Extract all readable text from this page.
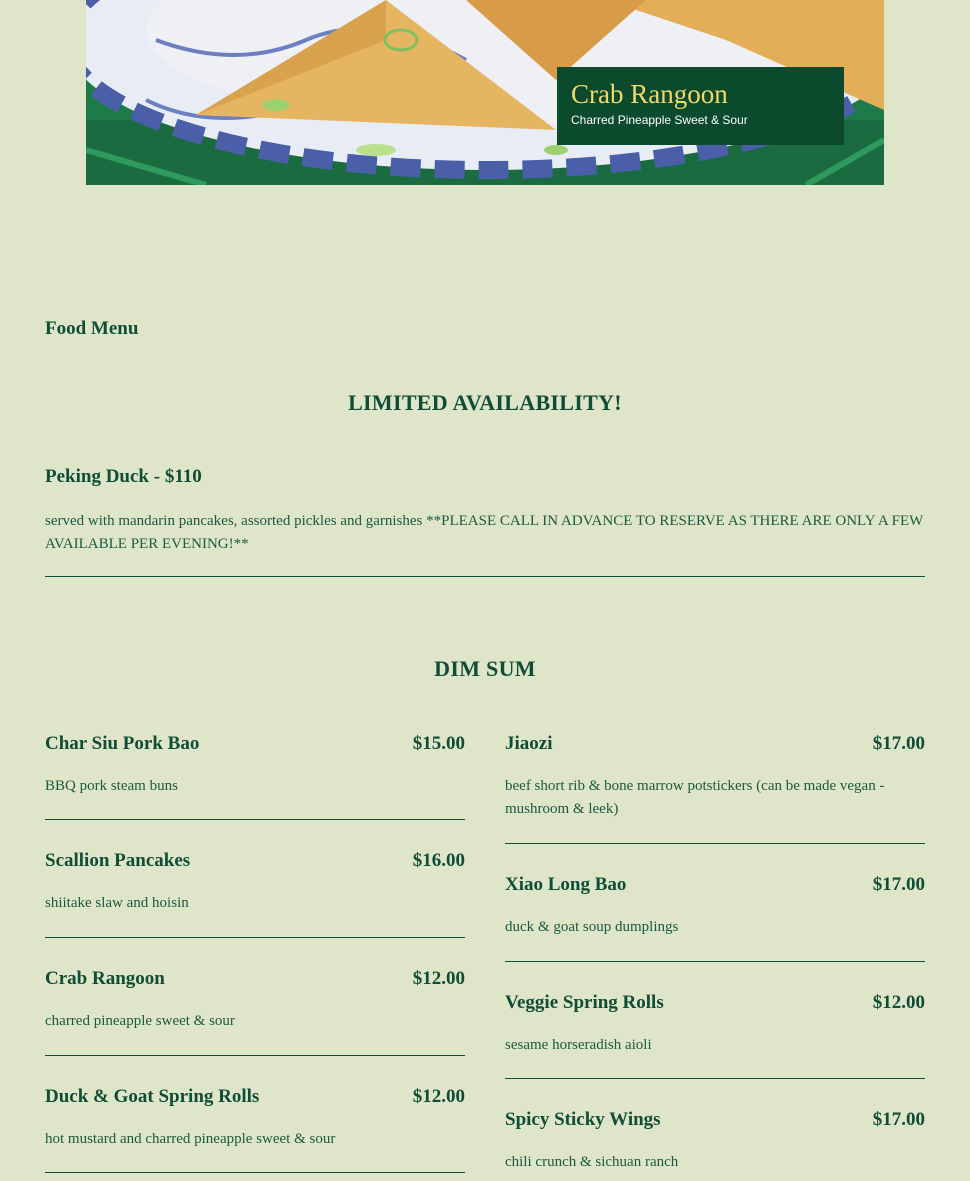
Crab Rangoon
Charred Pineapple Sweet & Sour
Food Menu
LIMITED AVAILABILITY!
Peking Duck - $110
served with mandarin pancakes, assorted pickles and garnishes **PLEASE CALL IN ADVANCE TO RESERVE AS THERE ARE ONLY A FEW AVAILABLE PER EVENING!**
DIM SUM
Char Siu Pork Bao	$15.00
BBQ pork steam buns
Scallion Pancakes	$16.00
shiitake slaw and hoisin
Crab Rangoon	$12.00
charred pineapple sweet & sour
Duck & Goat Spring Rolls	$12.00
hot mustard and charred pineapple sweet & sour
Jiaozi	$17.00
beef short rib & bone marrow potstickers (can be made vegan - mushroom & leek)
Xiao Long Bao	$17.00
duck & goat soup dumplings
Veggie Spring Rolls	$12.00
sesame horseradish aioli
Spicy Sticky Wings	$17.00
chili crunch & sichuan ranch
